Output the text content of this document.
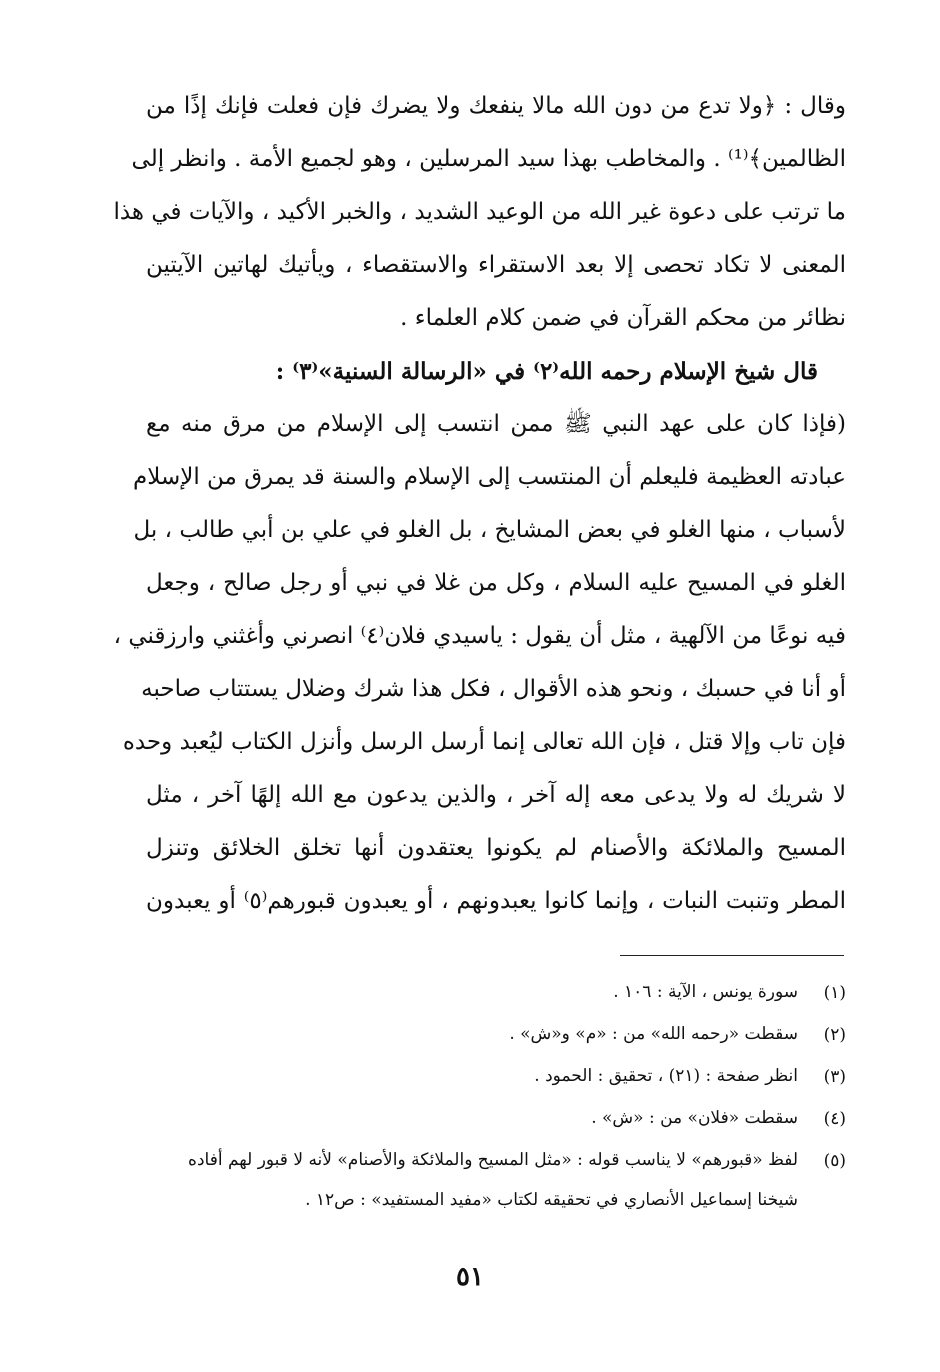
وقال : ﴿ولا تدع من دون الله مالا ينفعك ولا يضرك فإن فعلت فإنك إذًا من
الظالمين﴾⁽¹⁾ . والمخاطب بهذا سيد المرسلين ، وهو لجميع الأمة . وانظر إلى
ما ترتب على دعوة غير الله من الوعيد الشديد ، والخبر الأكيد ، والآيات في هذا
المعنى لا تكاد تحصى إلا بعد الاستقراء والاستقصاء ، ويأتيك لهاتين الآيتين
نظائر من محكم القرآن في ضمن كلام العلماء .
قال شيخ الإسلام رحمه الله⁽٢⁾ في «الرسالة السنية»⁽٣⁾ :
(فإذا كان على عهد النبي ﷺ ممن انتسب إلى الإسلام من مرق منه مع
عبادته العظيمة فليعلم أن المنتسب إلى الإسلام والسنة قد يمرق من الإسلام
لأسباب ، منها الغلو في بعض المشايخ ، بل الغلو في علي بن أبي طالب ، بل
الغلو في المسيح عليه السلام ، وكل من غلا في نبي أو رجل صالح ، وجعل
فيه نوعًا من الآلهية ، مثل أن يقول : ياسيدي فلان⁽٤⁾ انصرني وأغثني وارزقني ،
أو أنا في حسبك ، ونحو هذه الأقوال ، فكل هذا شرك وضلال يستتاب صاحبه
فإن تاب وإلا قتل ، فإن الله تعالى إنما أرسل الرسل وأنزل الكتاب ليُعبد وحده
لا شريك له ولا يدعى معه إله آخر ، والذين يدعون مع الله إلهًا آخر ، مثل
المسيح والملائكة والأصنام لم يكونوا يعتقدون أنها تخلق الخلائق وتنزل
المطر وتنبت النبات ، وإنما كانوا يعبدونهم ، أو يعبدون قبورهم⁽٥⁾ أو يعبدون
(١)
سورة يونس ، الآية : ١٠٦ .
(٢)
سقطت «رحمه الله» من : «م» و«ش» .
(٣)
انظر صفحة : (٢١) ، تحقيق : الحمود .
(٤)
سقطت «فلان» من : «ش» .
(٥)
لفظ «قبورهم» لا يناسب قوله : «مثل المسيح والملائكة والأصنام» لأنه لا قبور لهم أفاده شيخنا إسماعيل الأنصاري في تحقيقه لكتاب «مفيد المستفيد» : ص١٢ .
٥١
